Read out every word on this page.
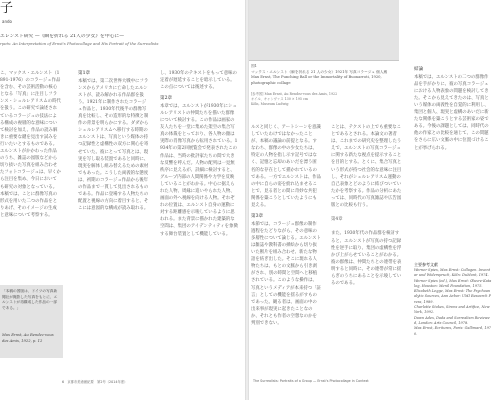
子
ando
エレンスト研究 —《瞬を折れる 21人の少女》を中心に—
rpets: An Interpretation of Ernst's Photocollage and His Portrait of the Surrealists
こ、マックス・エルンスト（1891-1976）のコラージュ作品を含む、その芸術活動の核心となる「写真」に注目しフランス・シュルレアリスムの時代を扱う。この研究で論述されているコラージュの技法による構成の複層的な意味について検討を加え、作品の読み解きに重要な鍵を見出す試みを行いたいとするものである。エルンストがかかわった作品のうち、雑誌の図版などから切り抜いた写真を組み合わせたフォトコラージュは、早くから注目を集め、今日においても研究の対象となっている。本稿では、ことに群像写真の形式を用いた二つの作品をとりあげ、そのイメージの生成と意味について考察する。
「本稿の図版は、ドイツの写真新聞社が撮影した写真をもとに、エルンストが再構成した作品の一部である。」
Max Ernst, Au Rendez-vous des Amis, 1922, p. 12
第1章
本稿では、第二次世界大戦中にフランスからアメリカに亡命したエルンストが、読み解かれる作品群を扱う。1921年に制作されたコラージュ作品と、1930年代後半の群像写真を比較し、その造形的な特徴と制作の背景を明らかにする。ダダからシュルレアリスムへ移行する時期のエルンストは、写真という媒体の持つ記録性と虚構性の双方に関心を寄せていた。彼にとって写真とは、現実を写し取る装置であると同時に、現実を解体し組み替えるための素材でもあった。こうした両義的な態度は、初期のコラージュ作品から後年の作品まで一貫して見出されるものである。作品に登場する人物たちの配置と視線の方向に着目すると、そこには意図的な構成が読み取れる。
し、1930年のテキストをもって意味の定着が遅延することを暗示している。この点については後述する。
第2章
本章では、エルンストが1930年にシュルレアリストの仲間たちを描いた群像について検討する。この作品は画家の友人たちを一堂に集めた架空の集合写真の体裁をとっており、各人物の顔は実際の肖像写真から転用されている。1934年の第2回展覧会で発表されたこの作品は、当時の批評家たちの間で大きな反響を呼んだ。人物の配列は一見無秩序に見えるが、詳細に検討すると、グループ内部の人間関係や力学を反映していることがわかる。中心に据えられた人物、周縁に追いやられた人物、画面の外へ視線を向ける人物。それぞれの位置は、エルンスト自身の運動に対する距離感を示唆しているように思われる。また背景に描かれた建築的な空間は、集団のアイデンティティを象徴する舞台装置として機能している。
6　京都市美術館紀要　第2号（2014年度）
図1
マックス・エルンスト《瞬を折れる 21 人の少女》1921年 写真コラージュ 個人蔵
Max Ernst, The Punching Ball or the Immortality of Buonarroti, 1920, photographic collage
[参考図] Max Ernst, Au Rendez-vous des Amis, 1922
オイル、キャンヴァス 130 × 195 cm
Köln, Museum Ludwig
ルスと同じく、アートシーンを意識していたわけではなかったことが、本稿の議論の前提となる。すなわち、群像の中の少女たちは、特定の人物を指し示す記号ではなく、記憶と忘却のあいだを漂う匿名的な存在として描かれているのである。一方でエルンストは、作品の中に自らの姿を紛れ込ませることで、見る者との間に奇妙な共犯関係を築こうとしていたようにも見える。
第3章
本節では、コラージュ群像の制作過程をたどりながら、その意味の多層性について論じる。エルンストは雑誌や教科書の挿絵から切り抜いた断片を組み合わせ、新たな物語を紡ぎ出した。そこに現れる人物たちは、もとの文脈から引き剥がされ、別の時間と空間へと移植されている。このような操作は、写真というメディアが本来持つ「証言」としての機能を揺るがすものであった。観る者は、画面の中の出来事が現実に起きたことなのか、それとも作者の空想なのかを判別できない。
ことは、テクストの上でも重要なことであるとされる。本論文の著者は、これまでの研究史を整理したうえで、エルンストの写真コラージュに関する新たな視点を提示することを目的とする。とくに、集合写真という形式が持つ社会的な意味に注目し、それがシュルレアリスム運動の自己表象とどのように結びついていたかを考察する。作品の分析にあたっては、同時代の写真雑誌や広告図版との比較も行う。

第4章

また、1930年代の作品群を検討すると、エルンストが写真の持つ記録性を逆手に取り、集団の虚構性を浮かび上がらせていることがわかる。彼の群像は、仲間たちとの連帯を表明すると同時に、その連帯が常に揺らぎのうちにあることを示唆しているのである。
結論
本稿では、エルンストの二つの群像作品を手がかりに、彼の写真コラージュにおける人物表象の問題を検討してきた。そこから見えてきたのは、写真という媒体の両義性を自覚的に利用し、集団と個人、現実と虚構のあいだに新たな関係を築こうとする芸術家の姿である。今後の課題としては、同時代の他の作家との比較を通じて、この問題をさらに広い文脈の中に位置づけることが挙げられる。
主要参考文献
Werner Spies, Max Ernst: Collagen. Inventar und Widerspruch, Köln: DuMont, 1974.
Werner Spies (ed.), Max Ernst: Œuvre-Katalog, Houston: Menil Foundation, 1975.
Elizabeth Legge, Max Ernst: The Psychoanalytic Sources, Ann Arbor: UMI Research Press, 1989.
Charlotte Stokes, Sirens and Artifice, New York, 1992.
Dawn Ades, Dada and Surrealism Reviewed, London: Arts Council, 1978.
Max Ernst, Ecritures, Paris: Gallimard, 1970.
The Surrealists: Portraits of a Group — Ernst's Photocollage in Context
